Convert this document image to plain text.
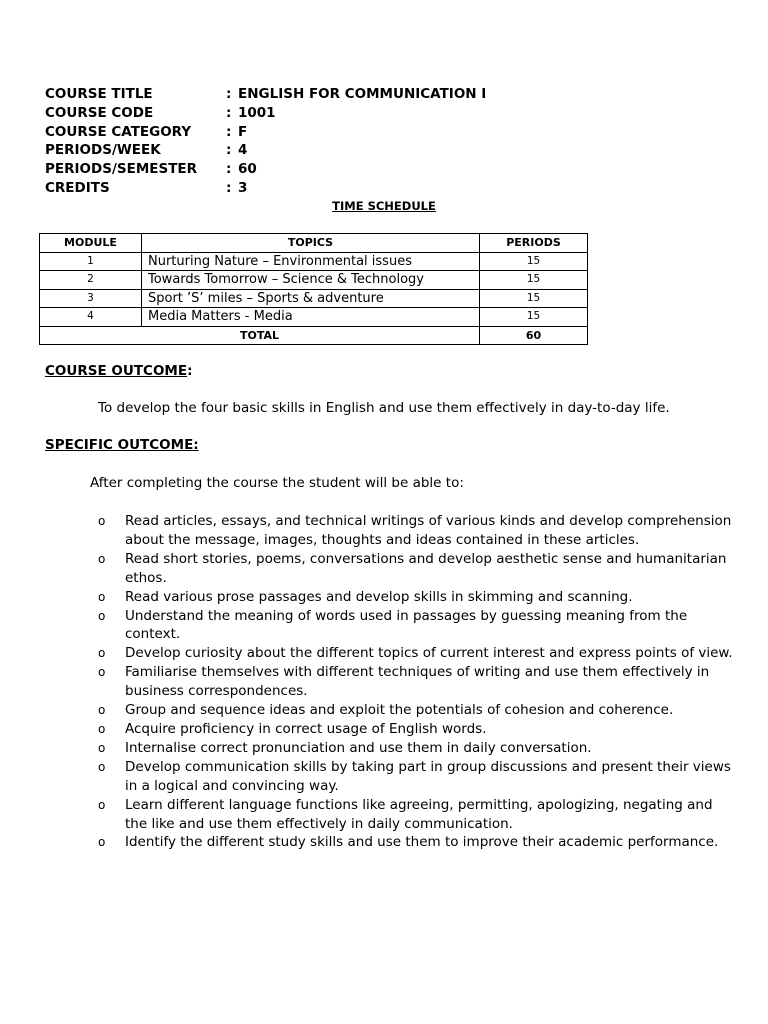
COURSE TITLE	: ENGLISH FOR COMMUNICATION I
COURSE CODE	: 1001
COURSE CATEGORY	: F
PERIODS/WEEK	: 4
PERIODS/SEMESTER : 60
CREDITS	: 3
TIME SCHEDULE
MODULE	TOPICS	PERIODS
1	Nurturing Nature – Environmental issues	15
2	Towards Tomorrow – Science & Technology	15
3	Sport ’S’ miles – Sports & adventure	15
4	Media Matters - Media	15
TOTAL		60
COURSE OUTCOME:
To develop the four basic skills in English and use them effectively in day-to-day life.
SPECIFIC OUTCOME:
After completing the course the student will be able to:
o Read articles, essays, and technical writings of various kinds and develop comprehension about the message, images, thoughts and ideas contained in these articles.
o Read short stories, poems, conversations and develop aesthetic sense and humanitarian ethos.
o Read various prose passages and develop skills in skimming and scanning.
o Understand the meaning of words used in passages by guessing meaning from the context.
o Develop curiosity about the different topics of current interest and express points of view.
o Familiarise themselves with different techniques of writing and use them effectively in business correspondences.
o Group and sequence ideas and exploit the potentials of cohesion and coherence.
o Acquire proficiency in correct usage of English words.
o Internalise correct pronunciation and use them in daily conversation.
o Develop communication skills by taking part in group discussions and present their views in a logical and convincing way.
o Learn different language functions like agreeing, permitting, apologizing, negating and the like and use them effectively in daily communication.
o Identify the different study skills and use them to improve their academic performance.
